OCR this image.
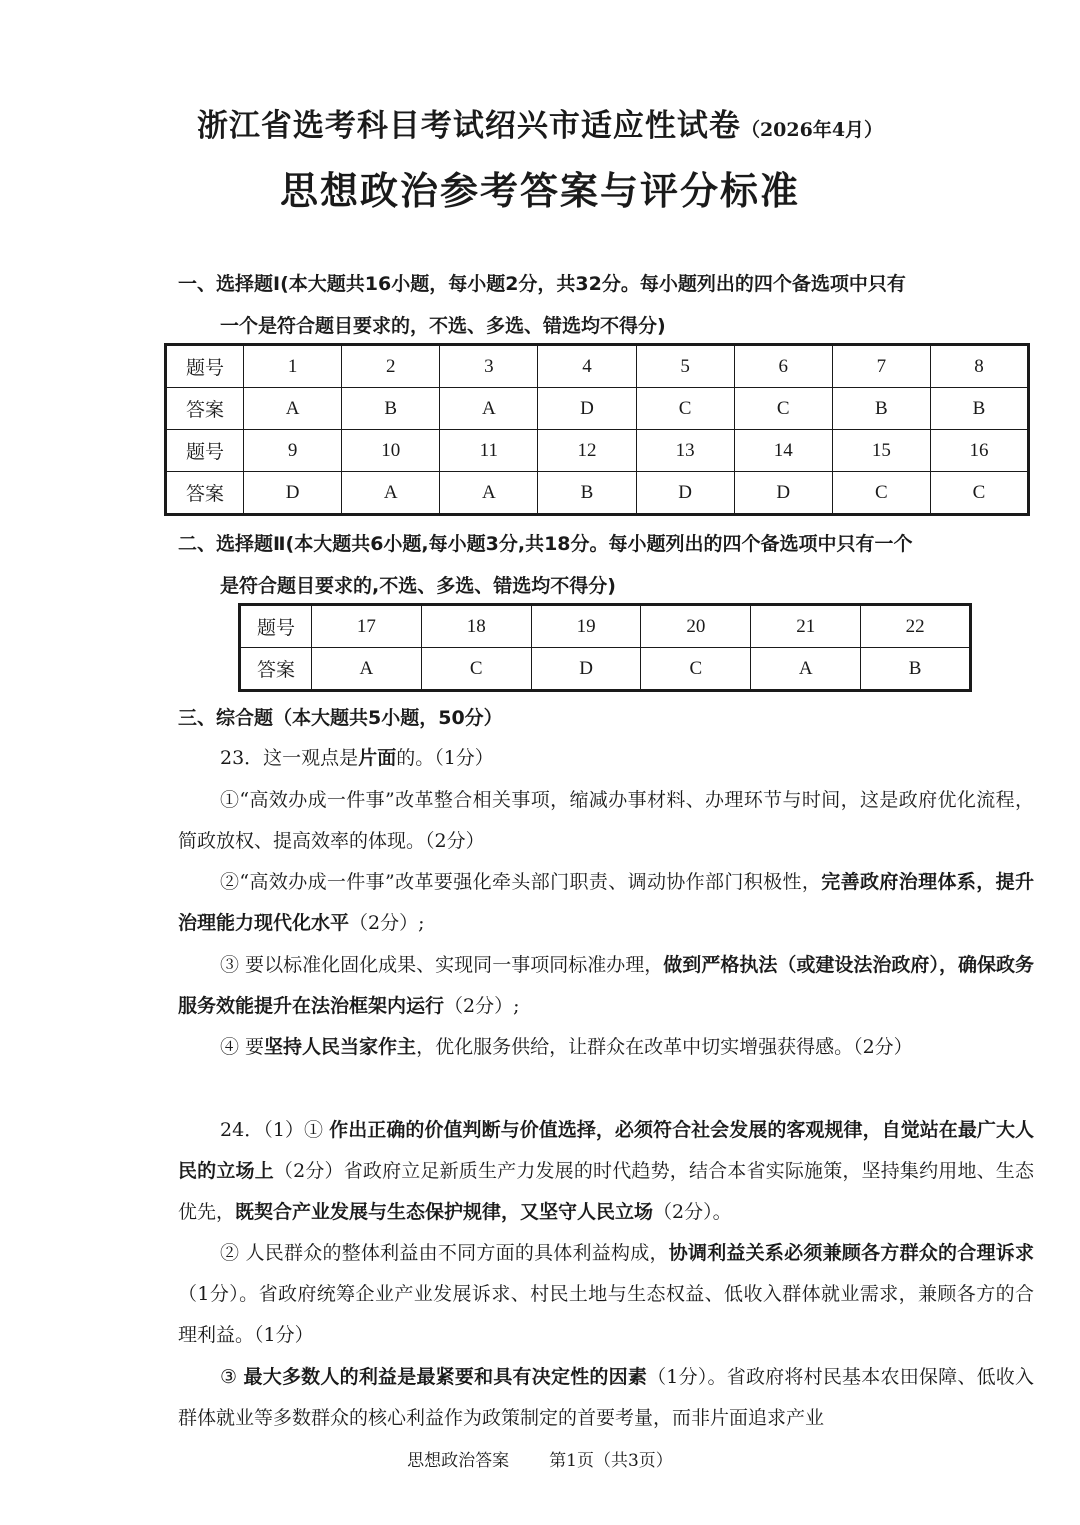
浙江省选考科目考试绍兴市适应性试卷（2026年4月）
思想政治参考答案与评分标准
一、选择题Ⅰ(本大题共16小题，每小题2分，共32分。每小题列出的四个备选项中只有
一个是符合题目要求的，不选、多选、错选均不得分)
题号	1	2	3	4	5	6	7	8
答案	A	B	A	D	C	C	B	B
题号	9	10	11	12	13	14	15	16
答案	D	A	A	B	D	D	C	C
二、选择题Ⅱ(本大题共6小题,每小题3分,共18分。每小题列出的四个备选项中只有一个
是符合题目要求的,不选、多选、错选均不得分)
题号	17	18	19	20	21	22
答案	A	C	D	C	A	B
三、综合题（本大题共5小题，50分）
23．这一观点是片面的。（1分）
①“高效办成一件事”改革整合相关事项，缩减办事材料、办理环节与时间，这是政府优化流程，简政放权、提高效率的体现。（2分）
②“高效办成一件事”改革要强化牵头部门职责、调动协作部门积极性，完善政府治理体系，提升治理能力现代化水平（2分）;
③ 要以标准化固化成果、实现同一事项同标准办理，做到严格执法（或建设法治政府），确保政务服务效能提升在法治框架内运行（2分）;
④ 要坚持人民当家作主，优化服务供给，让群众在改革中切实增强获得感。（2分）
24．（1）① 作出正确的价值判断与价值选择，必须符合社会发展的客观规律，自觉站在最广大人民的立场上（2分）省政府立足新质生产力发展的时代趋势，结合本省实际施策，坚持集约用地、生态优先，既契合产业发展与生态保护规律，又坚守人民立场（2分）。
② 人民群众的整体利益由不同方面的具体利益构成，协调利益关系必须兼顾各方群众的合理诉求（1分）。省政府统筹企业产业发展诉求、村民土地与生态权益、低收入群体就业需求，兼顾各方的合理利益。（1分）
③ 最大多数人的利益是最紧要和具有决定性的因素（1分）。省政府将村民基本农田保障、低收入群体就业等多数群众的核心利益作为政策制定的首要考量，而非片面追求产业
思想政治答案 第1页（共3页）
